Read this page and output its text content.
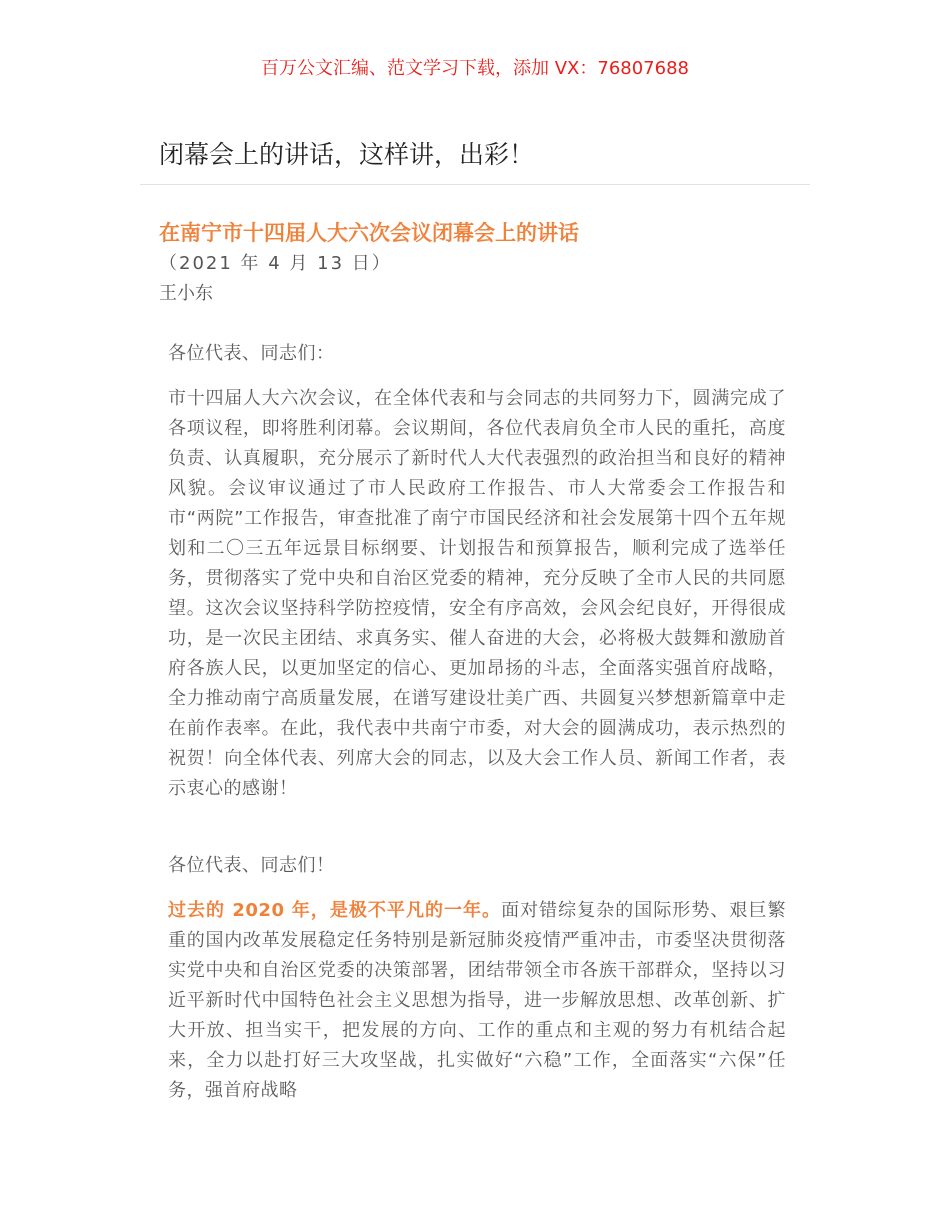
百万公文汇编、范文学习下载，添加 VX：76807688
闭幕会上的讲话，这样讲，出彩！
在南宁市十四届人大六次会议闭幕会上的讲话
（2021 年 4 月 13 日）
王小东

各位代表、同志们：

市十四届人大六次会议，在全体代表和与会同志的共同努力下，圆满完成了各项议程，即将胜利闭幕。会议期间，各位代表肩负全市人民的重托，高度负责、认真履职，充分展示了新时代人大代表强烈的政治担当和良好的精神风貌。会议审议通过了市人民政府工作报告、市人大常委会工作报告和市“两院”工作报告，审查批准了南宁市国民经济和社会发展第十四个五年规划和二〇三五年远景目标纲要、计划报告和预算报告，顺利完成了选举任务，贯彻落实了党中央和自治区党委的精神，充分反映了全市人民的共同愿望。这次会议坚持科学防控疫情，安全有序高效，会风会纪良好，开得很成功，是一次民主团结、求真务实、催人奋进的大会，必将极大鼓舞和激励首府各族人民，以更加坚定的信心、更加昂扬的斗志，全面落实强首府战略，全力推动南宁高质量发展，在谱写建设壮美广西、共圆复兴梦想新篇章中走在前作表率。在此，我代表中共南宁市委，对大会的圆满成功，表示热烈的祝贺！向全体代表、列席大会的同志，以及大会工作人员、新闻工作者，表示衷心的感谢！

各位代表、同志们！

过去的 2020 年，是极不平凡的一年。面对错综复杂的国际形势、艰巨繁重的国内改革发展稳定任务特别是新冠肺炎疫情严重冲击，市委坚决贯彻落实党中央和自治区党委的决策部署，团结带领全市各族干部群众，坚持以习近平新时代中国特色社会主义思想为指导，进一步解放思想、改革创新、扩大开放、担当实干，把发展的方向、工作的重点和主观的努力有机结合起来，全力以赴打好三大攻坚战，扎实做好“六稳”工作，全面落实“六保”任务，强首府战略
